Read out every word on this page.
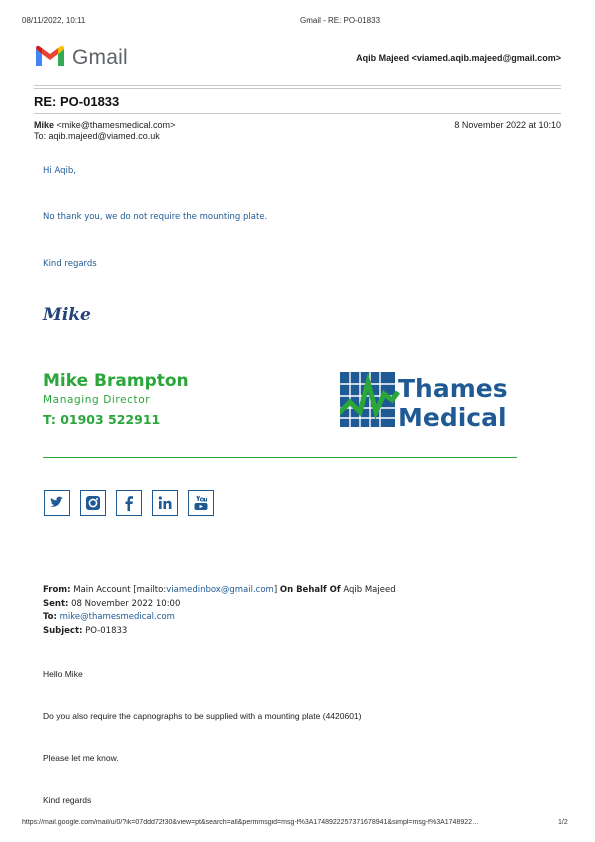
08/11/2022, 10:11	Gmail - RE: PO-01833
Gmail	Aqib Majeed <viamed.aqib.majeed@gmail.com>
RE: PO-01833
Mike <mike@thamesmedical.com>	8 November 2022 at 10:10
To: aqib.majeed@viamed.co.uk
Hi Aqib,
No thank you, we do not require the mounting plate.
Kind regards
Mike
Mike Brampton
Managing Director
T: 01903 522911
Thames
Medical
From: Main Account [mailto:viamedinbox@gmail.com] On Behalf Of Aqib Majeed
Sent: 08 November 2022 10:00
To: mike@thamesmedical.com
Subject: PO-01833
Hello Mike
Do you also require the capnographs to be supplied with a mounting plate (4420601)
Please let me know.
Kind regards
https://mail.google.com/mail/u/0/?ik=07ddd72f30&view=pt&search=all&permmsgid=msg-f%3A1748922257371678941&simpl=msg-f%3A1748922…	1/2
